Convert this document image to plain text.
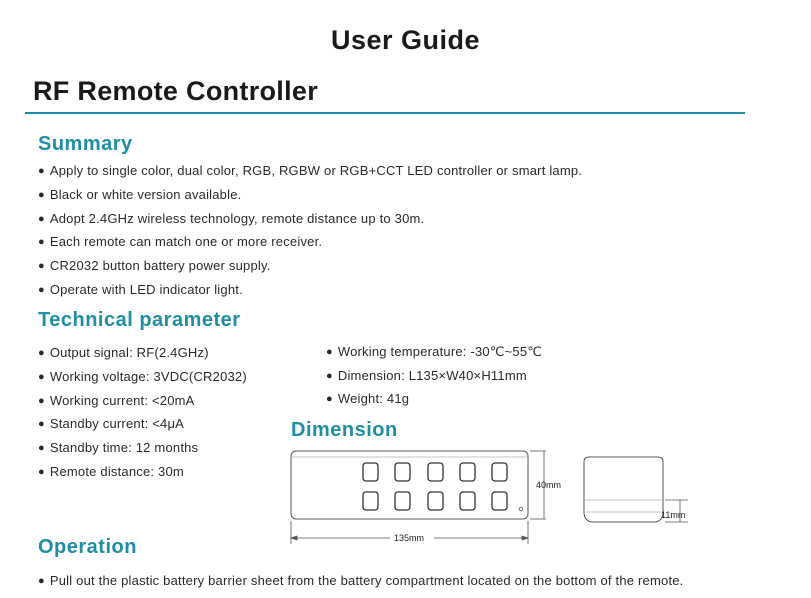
User Guide
RF Remote Controller
Summary
● Apply to single color, dual color, RGB, RGBW or RGB+CCT LED controller or smart lamp.
● Black or white version available.
● Adopt 2.4GHz wireless technology, remote distance up to 30m.
● Each remote can match one or more receiver.
● CR2032 button battery power supply.
● Operate with LED indicator light.
Technical parameter
● Output signal: RF(2.4GHz)
● Working voltage: 3VDC(CR2032)
● Working current: <20mA
● Standby current: <4μA
● Standby time: 12 months
● Remote distance: 30m
● Working temperature: -30℃~55℃
● Dimension: L135×W40×H11mm
● Weight: 41g
Dimension
40mm
135mm
11mm
Operation
● Pull out the plastic battery barrier sheet from the battery compartment located on the bottom of the remote.
